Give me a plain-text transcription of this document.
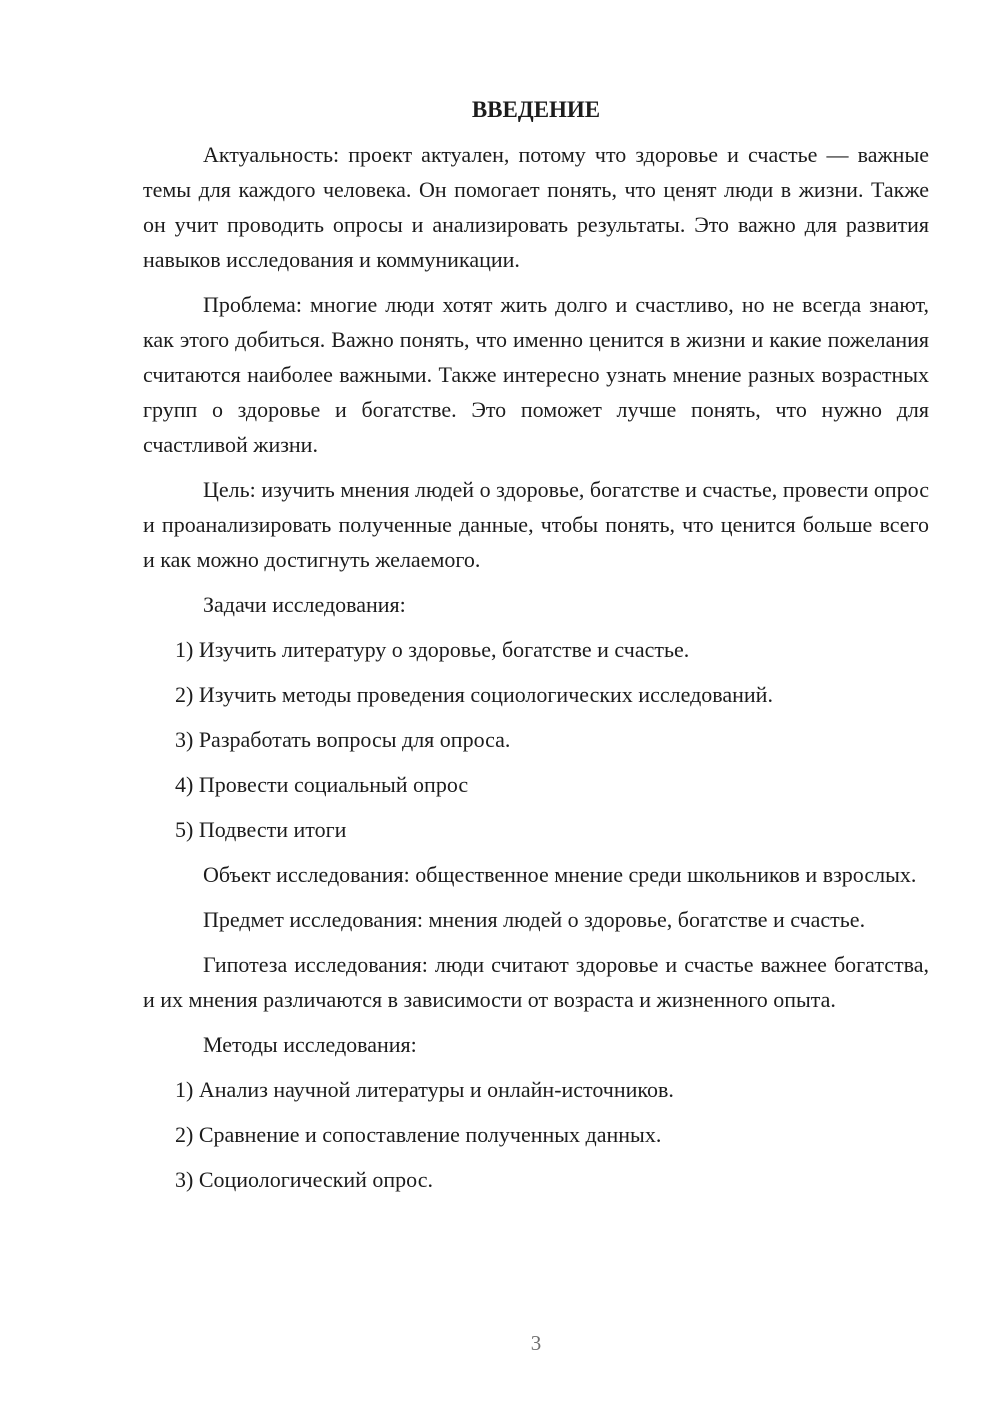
ВВЕДЕНИЕ

Актуальность: проект актуален, потому что здоровье и счастье — важные темы для каждого человека. Он помогает понять, что ценят люди в жизни. Также он учит проводить опросы и анализировать результаты. Это важно для развития навыков исследования и коммуникации.

Проблема: многие люди хотят жить долго и счастливо, но не всегда знают, как этого добиться. Важно понять, что именно ценится в жизни и какие пожелания считаются наиболее важными. Также интересно узнать мнение разных возрастных групп о здоровье и богатстве. Это поможет лучше понять, что нужно для счастливой жизни.

Цель: изучить мнения людей о здоровье, богатстве и счастье, провести опрос и проанализировать полученные данные, чтобы понять, что ценится больше всего и как можно достигнуть желаемого.

Задачи исследования:

1) Изучить литературу о здоровье, богатстве и счастье.
2) Изучить методы проведения социологических исследований.
3) Разработать вопросы для опроса.
4) Провести социальный опрос
5) Подвести итоги

Объект исследования: общественное мнение среди школьников и взрослых.

Предмет исследования: мнения людей о здоровье, богатстве и счастье.

Гипотеза исследования: люди считают здоровье и счастье важнее богатства, и их мнения различаются в зависимости от возраста и жизненного опыта.

Методы исследования:

1) Анализ научной литературы и онлайн-источников.
2) Сравнение и сопоставление полученных данных.
3) Социологический опрос.
3
